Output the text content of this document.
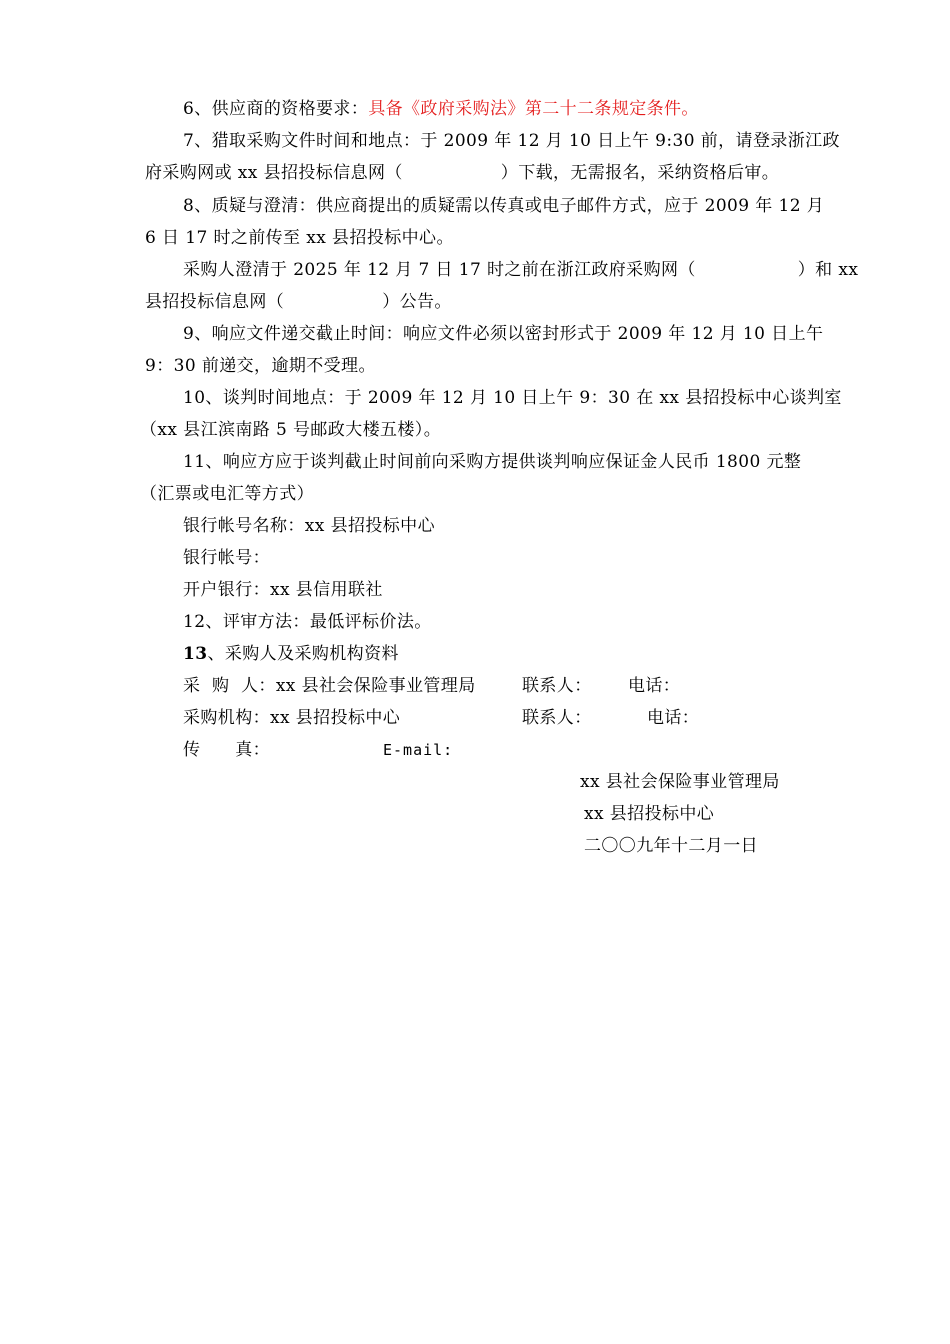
6、供应商的资格要求：具备《政府采购法》第二十二条规定条件。
7、猎取采购文件时间和地点：于 2009 年 12 月 10 日上午 9:30 前，请登录浙江政
府采购网或 xx 县招投标信息网（	）下载，无需报名，采纳资格后审。
8、质疑与澄清：供应商提出的质疑需以传真或电子邮件方式，应于 2009 年 12 月
6 日 17 时之前传至 xx 县招投标中心。
采购人澄清于 2025 年 12 月 7 日 17 时之前在浙江政府采购网（	）和 xx
县招投标信息网（	）公告。
9、响应文件递交截止时间：响应文件必须以密封形式于 2009 年 12 月 10 日上午
9：30 前递交，逾期不受理。
10、谈判时间地点：于 2009 年 12 月 10 日上午 9：30 在 xx 县招投标中心谈判室
（xx 县江滨南路 5 号邮政大楼五楼）。
11、响应方应于谈判截止时间前向采购方提供谈判响应保证金人民币 1800 元整
（汇票或电汇等方式）
银行帐号名称：xx 县招投标中心
银行帐号：
开户银行：xx 县信用联社
12、评审方法：最低评标价法。
13、采购人及采购机构资料
采  购  人：xx 县社会保险事业管理局	联系人： 电话：
采购机构：xx 县招投标中心	联系人：	电话：
传      真：	E-mail:
xx 县社会保险事业管理局
xx 县招投标中心
二〇〇九年十二月一日
